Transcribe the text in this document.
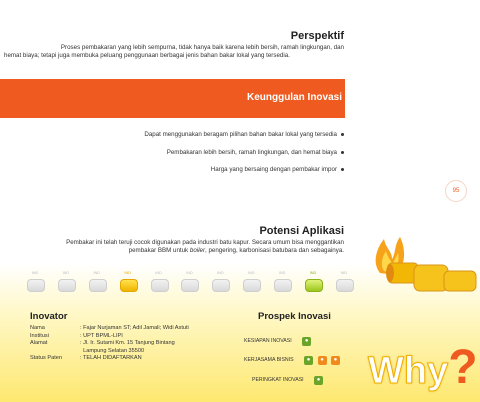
Perspektif
Proses pembakaran yang lebih sempurna, tidak hanya baik karena lebih bersih, ramah lingkungan, dan
hemat biaya; tetapi juga membuka peluang penggunaan berbagai jenis bahan bakar lokal yang tersedia.
Keunggulan Inovasi
Dapat menggunakan beragam pilihan bahan bakar lokal yang tersedia
Pembakaran lebih bersih, ramah lingkungan, dan hemat biaya
Harga yang bersaing dengan pembakar impor
95
Potensi Aplikasi
Pembakar ini telah teruji cocok digunakan pada industri batu kapur. Secara umum bisa menggantikan
pembakar BBM untuk boiler, pengering, karbonisasi batubara dan sebagainya.
IND	IND	IND	IND	IND	IND	IND	IND	IND	IND	IND
Inovator
Nama	: Fajar Nurjaman ST; Adil Jamali; Widi Astuti
Institusi	: UPT BPML-LIPI
Alamat	: Jl. Ir. Sutami Km. 15 Tanjung Bintang
Lampung Selatan 35500
Status Paten	: TELAH DIDAFTARKAN
Prospek Inovasi
KESIAPAN INOVASI ●
KERJASAMA BISNIS ● ● ●
PERINGKAT INOVASI ● Why?
